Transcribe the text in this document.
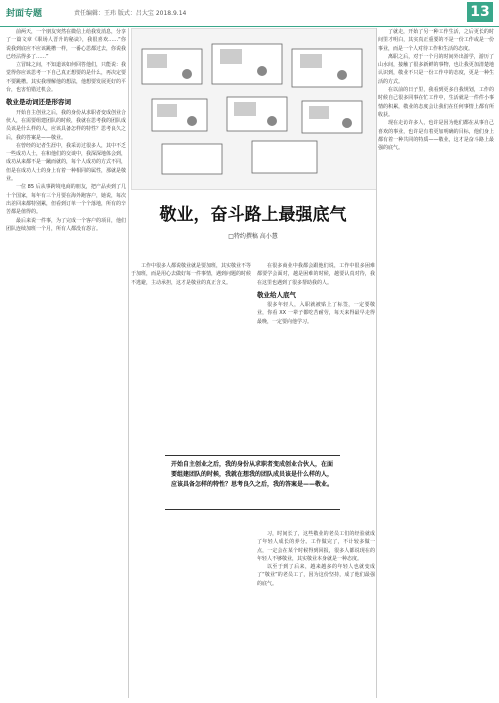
封面专题	责任编辑：王玮 版式：吕大宝 2018.9.14	13

前两天，一个朋友突然在微信上给我发消息，分享了一篇文章《职场人晋升的秘诀》，我很喜欢……“你说我到底应不应该跳槽一样，一番心思都过去，你说我已经沾得多了……”

立冒昧之间，不知道该如何回答他们，只能说：我觉得你应该思考一下自己真正想要的是什么，再决定要不要跳槽。其实我理解他的想法，他想要发展更好的平台，也害怕错过机会。

敬业是动词还是形容词

开始自主创业之后，我的身份从求职者变成创业合伙人，在需要组建团队的时候，我就在思考我的团队成员该是什么样的人，应该具备怎样的特性？思考良久之后，我的答案是——敬业。

在曾经的记者生涯中，我采访过很多人，其中不乏一些成功人士，在和他们的交谈中，我深深地体会到，成功从来都不是一蹴而就的，每个人成功的方式不同，但是在成功人士的身上有着一种相同的属性，那就是敬业。

一位 85 后从事跨境电商的朋友，把产品卖到了几十个国家，每年有三个月要在海外跑客户，她说，每次出差回来都特别累，但看到订单一个个落地，所有的辛苦都是值得的。

最后来说一件事，为了完成一个客户的项目，他们团队连续加班一个月，所有人都没有怨言。

敬业，奋斗路上最强底气
□特约撰稿 高小慧

了就走，开始了另一种工作生活，之后更长的时间里才明白，其实真正重要的不是一份工作或是一份事业，而是一个人对待工作和生活的态度。

离职之后，对于一个月的时间外出游学，游历了山水间，接触了很多新鲜的事物，也让我更加清楚地认识到，敬业不只是一份工作中的态度，更是一种生活的方式。

在以前的日子里，我看到更多自我规划，工作的时候自己很多同事在忙工作中，生活就是一件件小事情的积累，敬业的态度会让我们在任何事情上都有所收获。

现在走访许多人，也许是因为他们都在从事自己喜欢的事业，也许是有着更加明确的目标，他们身上都有着一种共同的特质——敬业，这才是奋斗路上最强的底气。

工作中很多人都说敬业就是要加班，其实敬业不等于加班，而是用心去做好每一件事情，遇到问题的时候不逃避，主动承担，这才是敬业的真正含义。

在很多商业中我都会跟他们说，工作中很多困难都要学会面对，越是困难的时候，越要认真对待，我在这里也遇到了很多帮助我的人。

敬业给人底气

很多年轻人，入职就被贴上了标签，一定要敬业，你看 XX 一辈子都吃苦耐劳，每天来得最早走得最晚，一定要向他学习。

开始自主创业之后，我的身份从求职者变成创业合伙人，在面要组建团队的时候，我就在想我的团队成员该是什么样的人，应该具备怎样的特性？思考良久之后，我的答案是——敬业。

习，时间长了，这些敬业的老员工们的经验就成了年轻人成长的养分。工作做完了，不计较多做一点，一定会在某个时候得到回报，很多人都说现在的年轻人不够敬业，其实敬业本身就是一种态度。

以至于到了后来，越来越多的年轻人也就变成了“敬业”的老员工了，因为这份坚持，成了他们最强的底气。
